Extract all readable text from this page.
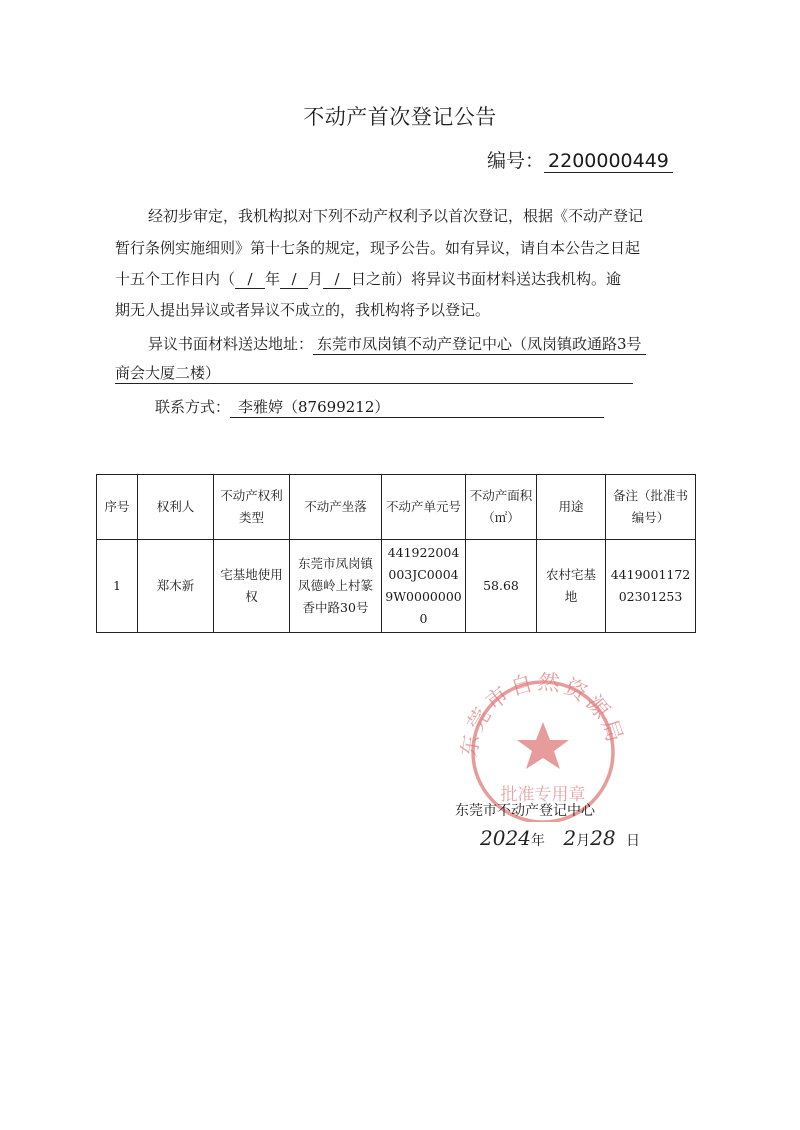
不动产首次登记公告
编号： 2200000449
经初步审定，我机构拟对下列不动产权利予以首次登记，根据《不动产登记
暂行条例实施细则》第十七条的规定，现予公告。如有异议，请自本公告之日起
十五个工作日内（ / 年 / 月 / 日之前）将异议书面材料送达我机构。逾
期无人提出异议或者异议不成立的，我机构将予以登记。
异议书面材料送达地址： 东莞市凤岗镇不动产登记中心（凤岗镇政通路3号
商会大厦二楼）
联系方式： 李雅婷（87699212）
序号	权利人	不动产权利类型	不动产坐落	不动产单元号	不动产面积（㎡）	用途	备注（批准书编号）
1	郑木新	宅基地使用权	东莞市凤岗镇凤德岭上村篆香中路30号	441922004003JC00049W00000000	58.68	农村宅基地	441900117202301253
莞市自然资源局
批准专用章
东莞市不动产登记中心
2024年 2月28 日
